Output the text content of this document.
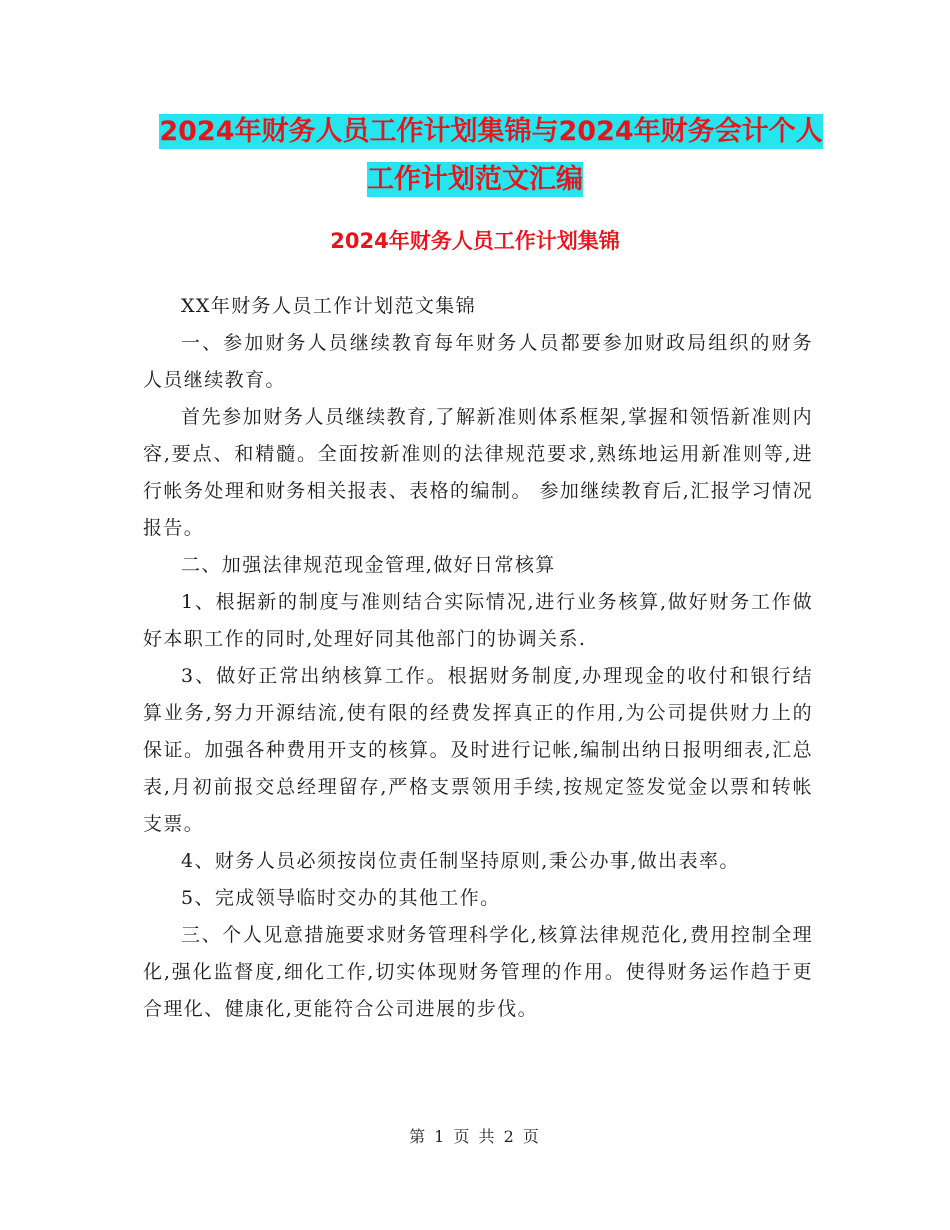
2024年财务人员工作计划集锦与2024年财务会计个人
工作计划范文汇编
2024年财务人员工作计划集锦

XX年财务人员工作计划范文集锦

一、参加财务人员继续教育每年财务人员都要参加财政局组织的财务人员继续教育。

首先参加财务人员继续教育,了解新准则体系框架,掌握和领悟新准则内容,要点、和精髓。全面按新准则的法律规范要求,熟练地运用新准则等,进行帐务处理和财务相关报表、表格的编制。 参加继续教育后,汇报学习情况报告。

二、加强法律规范现金管理,做好日常核算

1、根据新的制度与准则结合实际情况,进行业务核算,做好财务工作做好本职工作的同时,处理好同其他部门的协调关系.

3、做好正常出纳核算工作。根据财务制度,办理现金的收付和银行结算业务,努力开源结流,使有限的经费发挥真正的作用,为公司提供财力上的保证。加强各种费用开支的核算。及时进行记帐,编制出纳日报明细表,汇总表,月初前报交总经理留存,严格支票领用手续,按规定签发觉金以票和转帐支票。

4、财务人员必须按岗位责任制坚持原则,秉公办事,做出表率。

5、完成领导临时交办的其他工作。

三、个人见意措施要求财务管理科学化,核算法律规范化,费用控制全理化,强化监督度,细化工作,切实体现财务管理的作用。使得财务运作趋于更合理化、健康化,更能符合公司进展的步伐。

第 1 页 共 2 页
